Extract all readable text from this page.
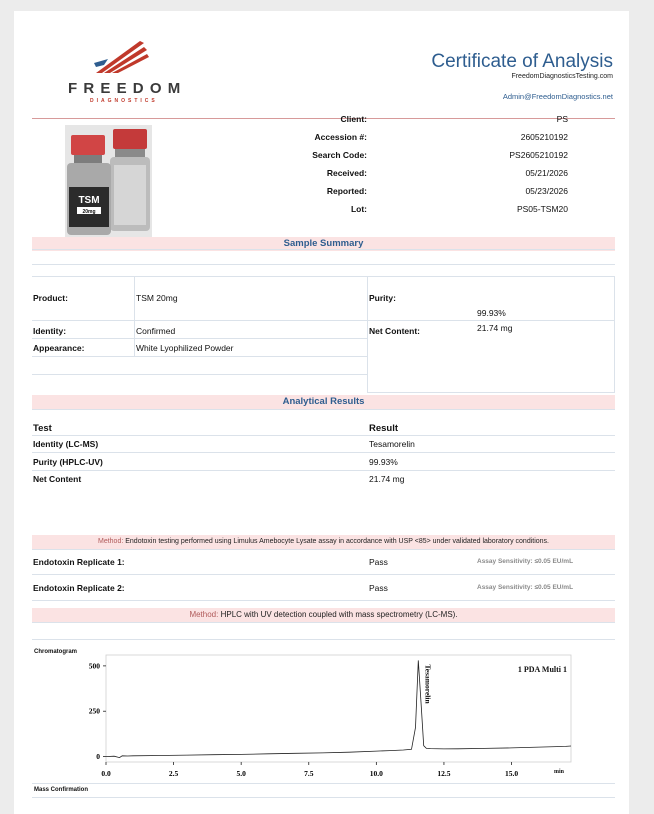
FREEDOM
DIAGNOSTICS
Certificate of Analysis
FreedomDiagnosticsTesting.com
Admin@FreedomDiagnostics.net
TSM
20mg
Client:	PS
Accession #:	2605210192
Search Code:	PS2605210192
Received:	05/21/2026
Reported:	05/23/2026
Lot:	PS05-TSM20
Sample Summary
Product:	TSM 20mg	Purity:
99.93%
Identity:	Confirmed	Net Content:	21.74 mg
Appearance:	White Lyophilized Powder
Analytical Results
Test	Result
Identity (LC-MS)	Tesamorelin
Purity (HPLC-UV)	99.93%
Net Content	21.74 mg
Method: Endotoxin testing performed using Limulus Amebocyte Lysate assay in accordance with USP <85> under validated laboratory conditions.
Endotoxin Replicate 1:	Pass	Assay Sensitivity: ≤0.05 EU/mL
Endotoxin Replicate 2:	Pass	Assay Sensitivity: ≤0.05 EU/mL
Method: HPLC with UV detection coupled with mass spectrometry (LC-MS).
Chromatogram
0
250
500
0.0	2.5	5.0	7.5	10.0	12.5	15.0
Tesamorelin	1 PDA Multi 1
min
Mass Confirmation
